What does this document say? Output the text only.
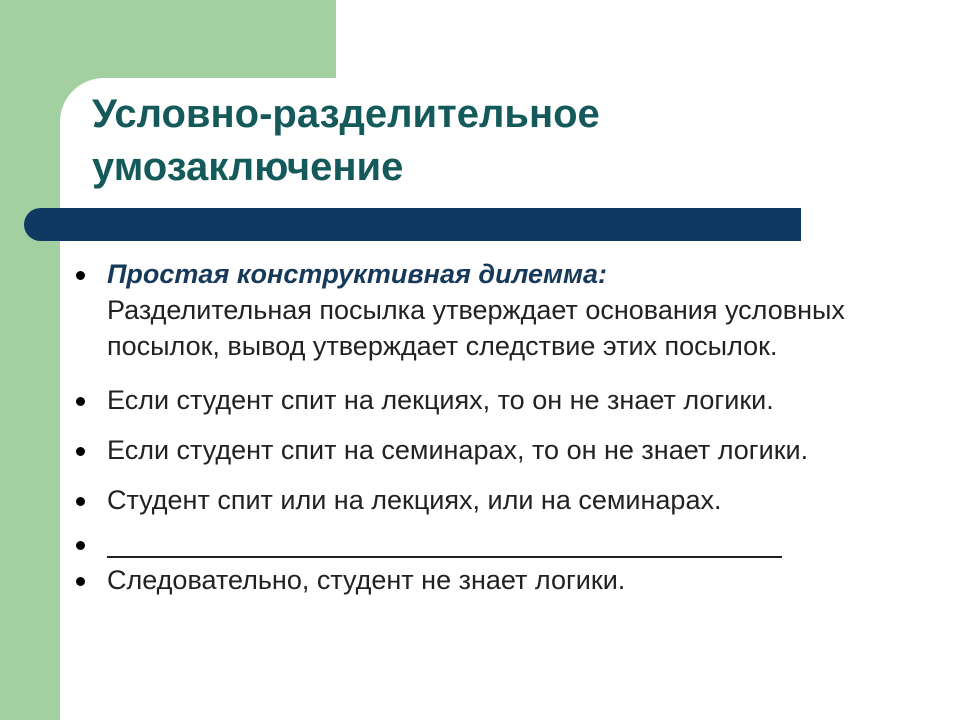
Условно-разделительное умозаключение
Простая конструктивная дилемма:
Разделительная посылка утверждает основания условных посылок, вывод утверждает следствие этих посылок.
Если студент спит на лекциях, то он не знает логики.
Если студент спит на семинарах, то он не знает логики.
Студент спит или на лекциях, или на семинарах.
Следовательно, студент не знает логики.
